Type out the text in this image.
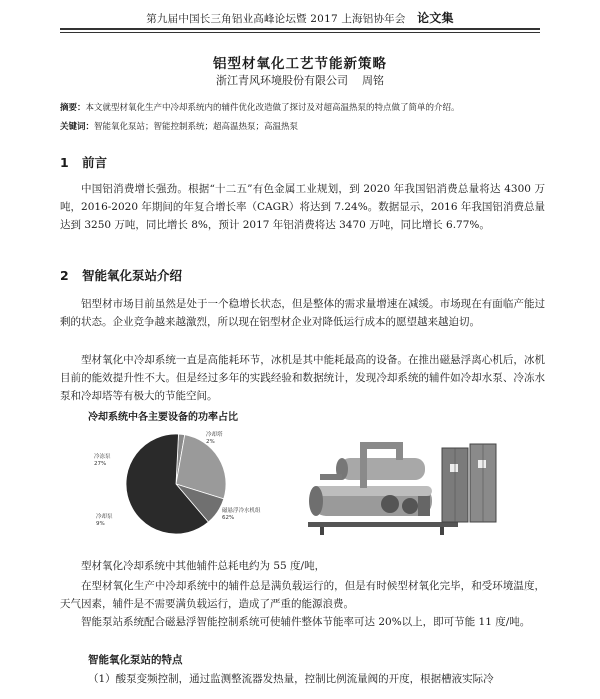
第九届中国长三角铝业高峰论坛暨 2017 上海铝协年会 论文集
铝型材氧化工艺节能新策略
浙江青风环境股份有限公司 周铭
摘要：本文就型材氧化生产中冷却系统内的辅件优化改造做了探讨及对超高温热泵的特点做了简单的介绍。
关键词：智能氧化泵站；智能控制系统；超高温热泵；高温热泵
1 前言

中国铝消费增长强劲。根据“十二五”有色金属工业规划，到 2020 年我国铝消费总量将达 4300 万吨，2016-2020 年期间的年复合增长率（CAGR）将达到 7.24%。数据显示，2016 年我国铝消费总量达到 3250 万吨，同比增长 8%，预计 2017 年铝消费将达 3470 万吨，同比增长 6.77%。

2 智能氧化泵站介绍

铝型材市场目前虽然是处于一个稳增长状态，但是整体的需求量增速在减缓。市场现在有面临产能过剩的状态。企业竞争越来越激烈，所以现在铝型材企业对降低运行成本的愿望越来越迫切。

型材氧化中冷却系统一直是高能耗环节，冰机是其中能耗最高的设备。在推出磁悬浮离心机后，冰机目前的能效提升性不大。但是经过多年的实践经验和数据统计，发现冷却系统的辅件如冷却水泵、冷冻水泵和冷却塔等有极大的节能空间。

冷却系统中各主要设备的功率占比
冷却塔
2%
冷冻泵
27%
冷却泵
9%
磁悬浮冷水机组
62%

型材氧化冷却系统中其他辅件总耗电约为 55 度/吨，

在型材氧化生产中冷却系统中的辅件总是满负载运行的，但是有时候型材氧化完毕，和受环境温度，天气因素，辅件是不需要满负载运行，造成了严重的能源浪费。

智能泵站系统配合磁悬浮智能控制系统可使辅件整体节能率可达 20%以上，即可节能 11 度/吨。

智能氧化泵站的特点
（1）酸泵变频控制，通过监测整流器发热量，控制比例流量阀的开度，根据槽液实际冷
